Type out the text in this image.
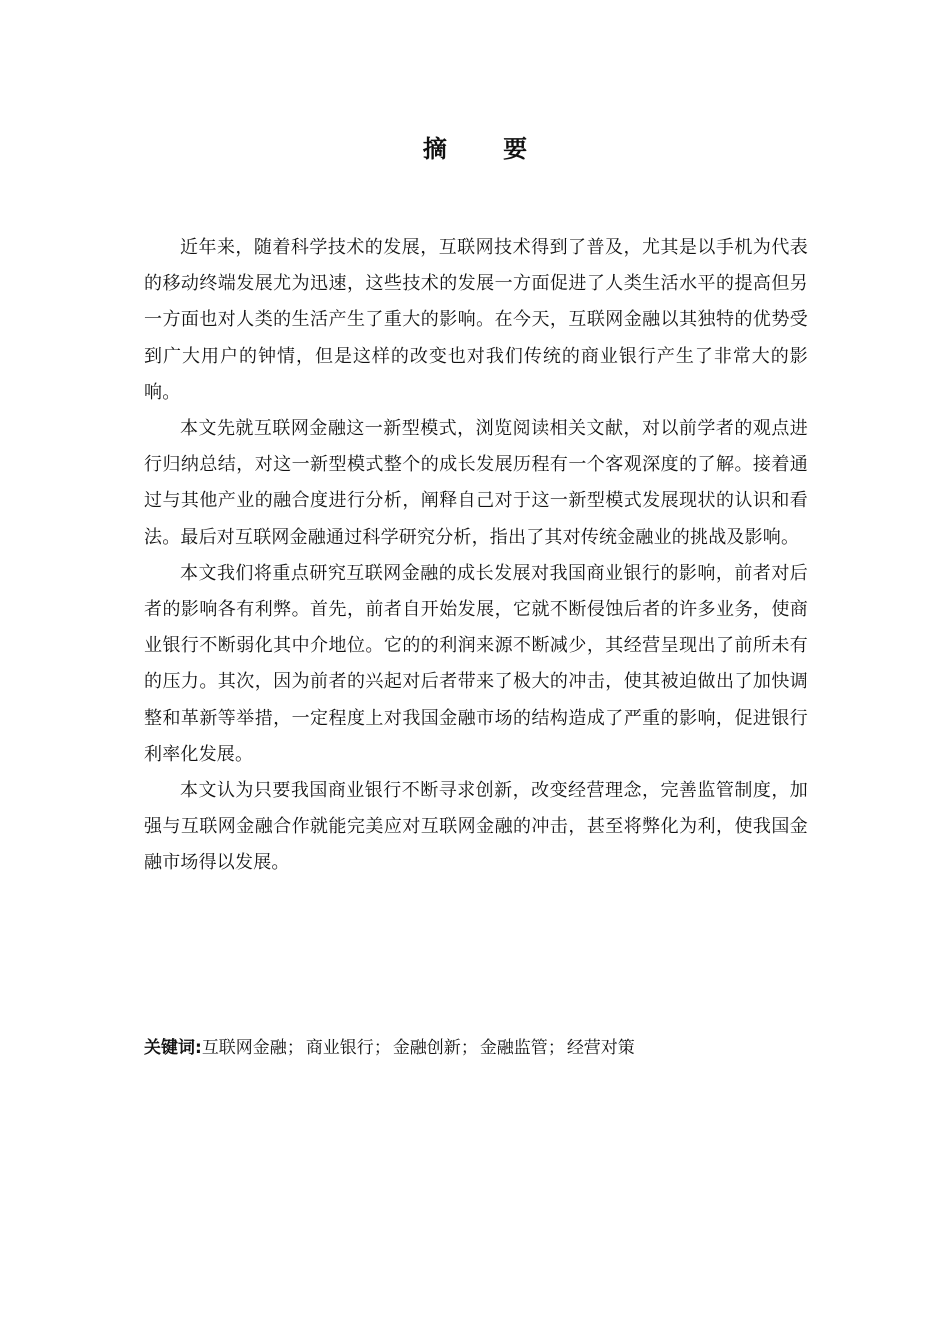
摘 要

近年来，随着科学技术的发展，互联网技术得到了普及，尤其是以手机为代表的移动终端发展尤为迅速，这些技术的发展一方面促进了人类生活水平的提高但另一方面也对人类的生活产生了重大的影响。在今天，互联网金融以其独特的优势受到广大用户的钟情，但是这样的改变也对我们传统的商业银行产生了非常大的影响。

本文先就互联网金融这一新型模式，浏览阅读相关文献，对以前学者的观点进行归纳总结，对这一新型模式整个的成长发展历程有一个客观深度的了解。接着通过与其他产业的融合度进行分析，阐释自己对于这一新型模式发展现状的认识和看法。最后对互联网金融通过科学研究分析，指出了其对传统金融业的挑战及影响。

本文我们将重点研究互联网金融的成长发展对我国商业银行的影响，前者对后者的影响各有利弊。首先，前者自开始发展，它就不断侵蚀后者的许多业务，使商业银行不断弱化其中介地位。它的的利润来源不断减少，其经营呈现出了前所未有的压力。其次，因为前者的兴起对后者带来了极大的冲击，使其被迫做出了加快调整和革新等举措，一定程度上对我国金融市场的结构造成了严重的影响，促进银行利率化发展。

本文认为只要我国商业银行不断寻求创新，改变经营理念，完善监管制度，加强与互联网金融合作就能完美应对互联网金融的冲击，甚至将弊化为利，使我国金融市场得以发展。

关键词:互联网金融； 商业银行； 金融创新； 金融监管； 经营对策
